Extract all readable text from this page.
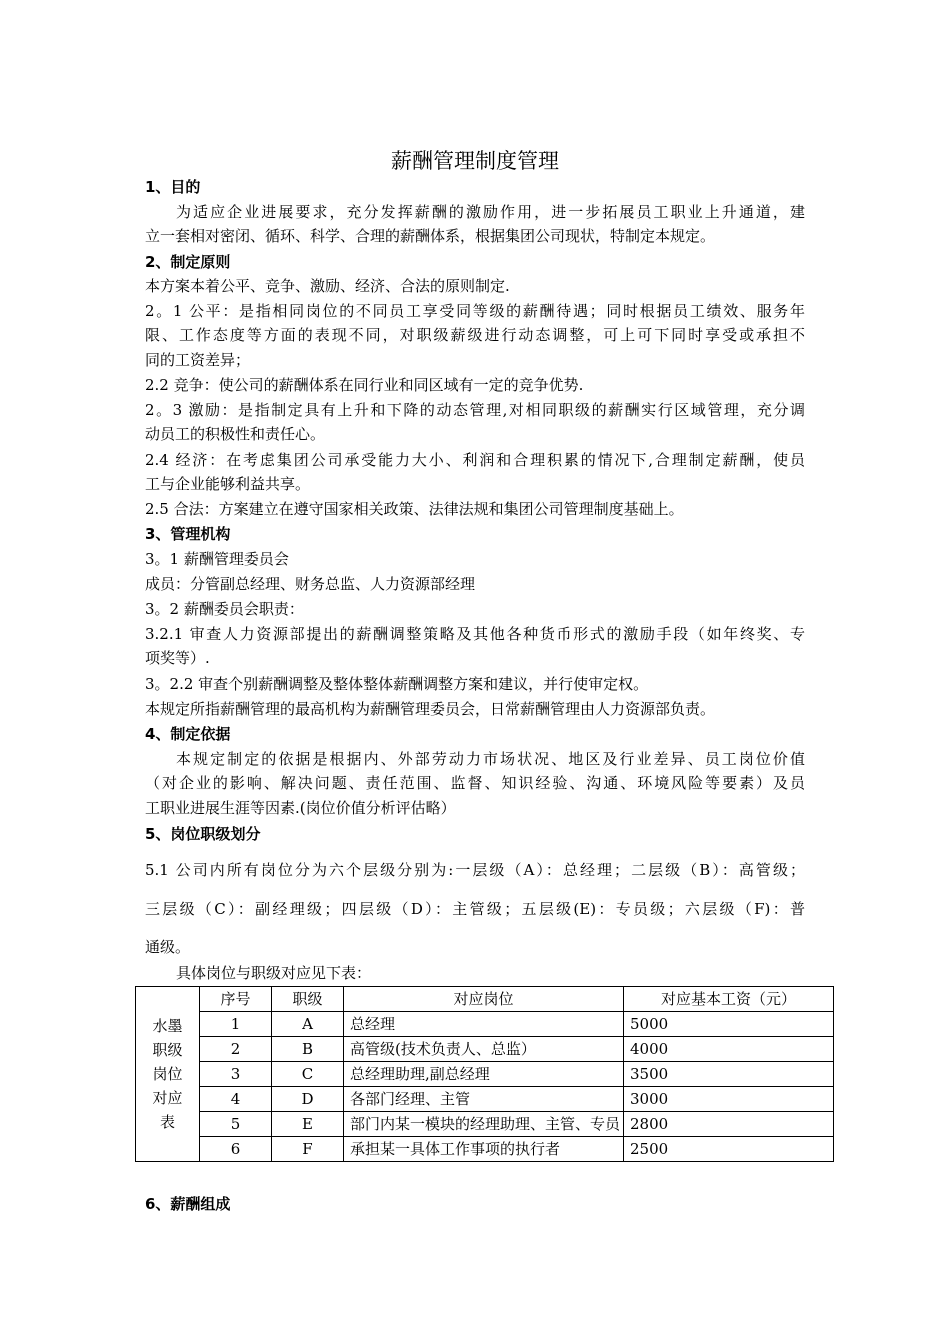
薪酬管理制度管理
1、目的
为适应企业进展要求，充分发挥薪酬的激励作用，进一步拓展员工职业上升通道，建
立一套相对密闭、循环、科学、合理的薪酬体系，根据集团公司现状，特制定本规定。
2、制定原则
本方案本着公平、竞争、激励、经济、合法的原则制定.
2。1 公平：是指相同岗位的不同员工享受同等级的薪酬待遇；同时根据员工绩效、服务年
限、工作态度等方面的表现不同，对职级薪级进行动态调整，可上可下同时享受或承担不
同的工资差异；
2.2 竞争：使公司的薪酬体系在同行业和同区域有一定的竞争优势.
2。3 激励：是指制定具有上升和下降的动态管理,对相同职级的薪酬实行区域管理，充分调
动员工的积极性和责任心。
2.4 经济：在考虑集团公司承受能力大小、利润和合理积累的情况下,合理制定薪酬，使员
工与企业能够利益共享。
2.5 合法：方案建立在遵守国家相关政策、法律法规和集团公司管理制度基础上。
3、管理机构
3。1 薪酬管理委员会
成员：分管副总经理、财务总监、人力资源部经理
3。2 薪酬委员会职责：
3.2.1 审查人力资源部提出的薪酬调整策略及其他各种货币形式的激励手段（如年终奖、专
项奖等）.
3。2.2 审查个别薪酬调整及整体整体薪酬调整方案和建议，并行使审定权。
本规定所指薪酬管理的最高机构为薪酬管理委员会，日常薪酬管理由人力资源部负责。
4、制定依据
本规定制定的依据是根据内、外部劳动力市场状况、地区及行业差异、员工岗位价值
（对企业的影响、解决问题、责任范围、监督、知识经验、沟通、环境风险等要素）及员
工职业进展生涯等因素.(岗位价值分析评估略）
5、岗位职级划分
5.1 公司内所有岗位分为六个层级分别为:一层级（A）：总经理；二层级（B）：高管级；
三层级（C）：副经理级；四层级（D）：主管级；五层级(E)：专员级；六层级（F)：普
通级。
具体岗位与职级对应见下表：
水墨职级岗位对应表	序号	职级	对应岗位	对应基本工资（元）
	1	A	总经理	5000
	2	B	高管级(技术负责人、总监）	4000
	3	C	总经理助理,副总经理	3500
	4	D	各部门经理、主管	3000
	5	E	部门内某一模块的经理助理、主管、专员	2800
	6	F	承担某一具体工作事项的执行者	2500
6、薪酬组成
